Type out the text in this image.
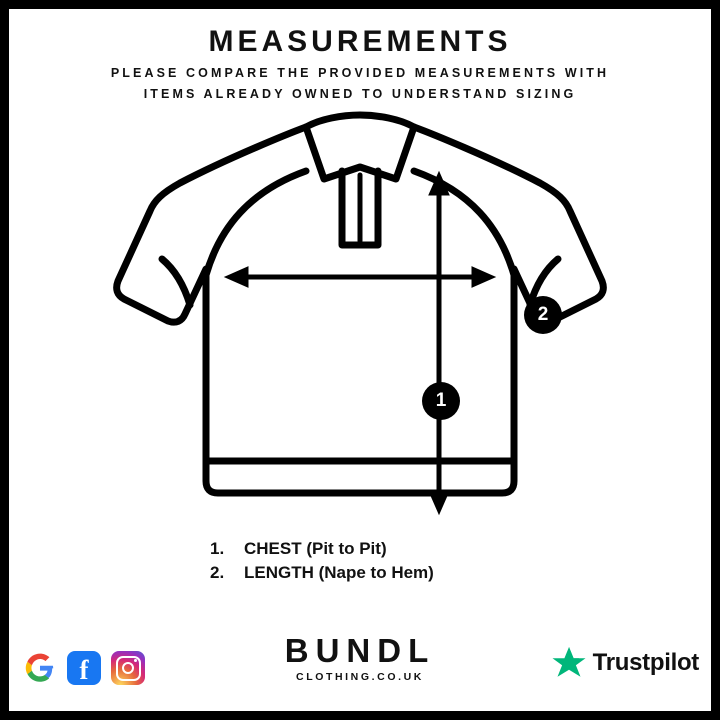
MEASUREMENTS
PLEASE COMPARE THE PROVIDED MEASUREMENTS WITH
ITEMS ALREADY OWNED TO UNDERSTAND SIZING
1
2
1.	CHEST (Pit to Pit)
2.	LENGTH (Nape to Hem)
f
BUNDL
CLOTHING.CO.UK
Trustpilot
